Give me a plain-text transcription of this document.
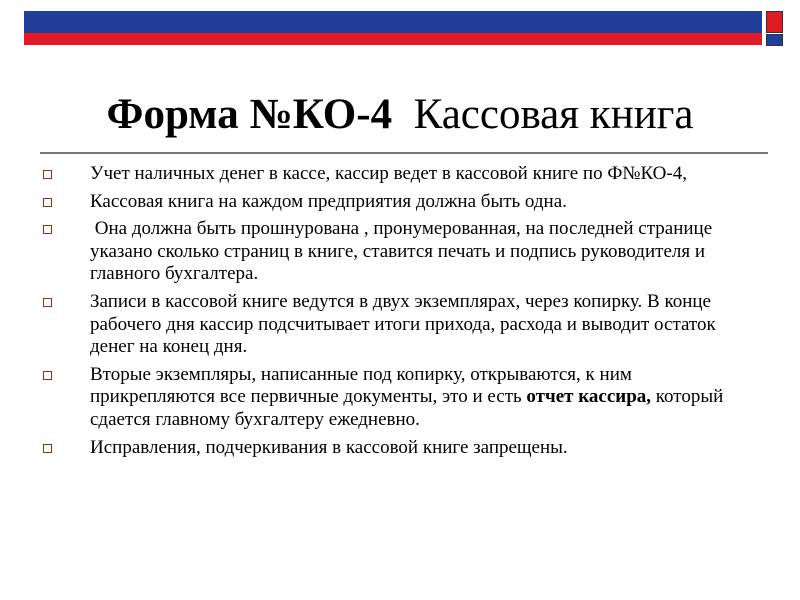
Форма №КО-4 Кассовая книга
Учет наличных денег в кассе, кассир ведет в кассовой книге по Ф№КО-4,
Кассовая книга на каждом предприятия должна быть одна.
Она должна быть прошнурована , пронумерованная, на последней странице указано сколько страниц в книге, ставится печать и подпись руководителя и главного бухгалтера.
Записи в кассовой книге ведутся в двух экземплярах, через копирку. В конце рабочего дня кассир подсчитывает итоги прихода, расхода и выводит остаток денег на конец дня.
Вторые экземпляры, написанные под копирку, открываются, к ним прикрепляются все первичные документы, это и есть отчет кассира, который сдается главному бухгалтеру ежедневно.
Исправления, подчеркивания в кассовой книге запрещены.
